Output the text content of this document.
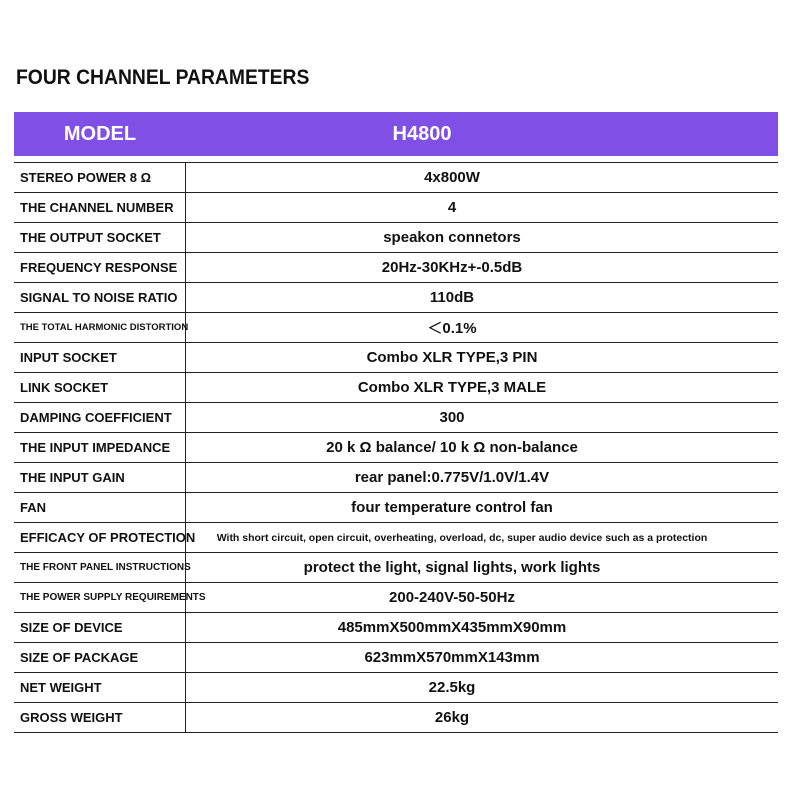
FOUR CHANNEL PARAMETERS
MODEL	H4800
STEREO POWER 8 Ω	4x800W
THE CHANNEL NUMBER	4
THE OUTPUT SOCKET	speakon connetors
FREQUENCY RESPONSE	20Hz-30KHz+-0.5dB
SIGNAL TO NOISE RATIO	110dB
THE TOTAL HARMONIC DISTORTION	＜0.1%
INPUT SOCKET	Combo XLR TYPE,3 PIN
LINK SOCKET	Combo XLR TYPE,3 MALE
DAMPING COEFFICIENT	300
THE INPUT IMPEDANCE	20 k Ω balance/ 10 k Ω non-balance
THE INPUT GAIN	rear panel:0.775V/1.0V/1.4V
FAN	four temperature control fan
EFFICACY OF PROTECTION	With short circuit, open circuit, overheating, overload, dc, super audio device such as a protection
THE FRONT PANEL INSTRUCTIONS	protect the light, signal lights, work lights
THE POWER SUPPLY REQUIREMENTS	200-240V-50-50Hz
SIZE OF DEVICE	485mmX500mmX435mmX90mm
SIZE OF PACKAGE	623mmX570mmX143mm
NET WEIGHT	22.5kg
GROSS WEIGHT	26kg
